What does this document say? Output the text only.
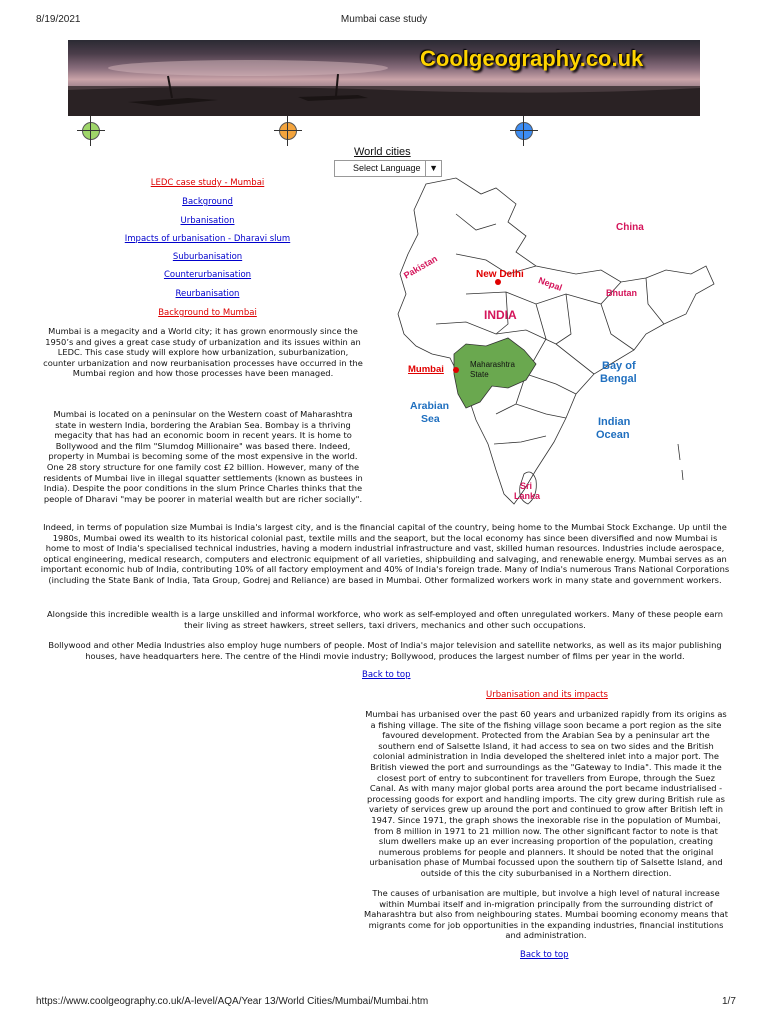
8/19/2021	Mumbai case study
Coolgeography.co.uk
World cities
Select Language ▼
LEDC case study - Mumbai
Background
Urbanisation
Impacts of urbanisation - Dharavi slum
Suburbanisation
Counterurbanisation
Reurbanisation
Background to Mumbai
Mumbai is a megacity and a World city; it has grown enormously since the 1950’s and gives a great case study of urbanization and its issues within an LEDC. This case study will explore how urbanization, suburbanization, counter urbanization and now reurbanisation processes have occurred in the Mumbai region and how those processes have been managed.
Mumbai is located on a peninsular on the Western coast of Maharashtra state in western India, bordering the Arabian Sea. Bombay is a thriving megacity that has had an economic boom in recent years. It is home to Bollywood and the film "Slumdog Millionaire" was based there. Indeed, property in Mumbai is becoming some of the most expensive in the world. One 28 story structure for one family cost £2 billion. However, many of the residents of Mumbai live in illegal squatter settlements (known as bustees in India). Despite the poor conditions in the slum Prince Charles thinks that the people of Dharavi "may be poorer in material wealth but are richer socially".
China
Pakistan	New Delhi
Nepal
Bhutan
INDIA
Mumbai	Maharashtra
State
Bay of
Bengal
Arabian
Sea	Indian
Ocean
Sri
Lanka
Indeed, in terms of population size Mumbai is India's largest city, and is the financial capital of the country, being home to the Mumbai Stock Exchange. Up until the 1980s, Mumbai owed its wealth to its historical colonial past, textile mills and the seaport, but the local economy has since been diversified and now Mumbai is home to most of India's specialised technical industries, having a modern industrial infrastructure and vast, skilled human resources. Industries include aerospace, optical engineering, medical research, computers and electronic equipment of all varieties, shipbuilding and salvaging, and renewable energy. Mumbai serves as an important economic hub of India, contributing 10% of all factory employment and 40% of India's foreign trade. Many of India's numerous Trans National Corporations (including the State Bank of India, Tata Group, Godrej and Reliance) are based in Mumbai. Other formalized workers work in many state and government workers.
Alongside this incredible wealth is a large unskilled and informal workforce, who work as self-employed and often unregulated workers. Many of these people earn their living as street hawkers, street sellers, taxi drivers, mechanics and other such occupations.
Bollywood and other Media Industries also employ huge numbers of people. Most of India's major television and satellite networks, as well as its major publishing houses, have headquarters here. The centre of the Hindi movie industry; Bollywood, produces the largest number of films per year in the world.
Back to top
Urbanisation and its impacts
Mumbai has urbanised over the past 60 years and urbanized rapidly from its origins as a fishing village. The site of the fishing village soon became a port region as the site favoured development. Protected from the Arabian Sea by a peninsular art the southern end of Salsette Island, it had access to sea on two sides and the British colonial administration in India developed the sheltered inlet into a major port. The British viewed the port and surroundings as the "Gateway to India". This made it the closest port of entry to subcontinent for travellers from Europe, through the Suez Canal. As with many major global ports area around the port became industrialised - processing goods for export and handling imports. The city grew during British rule as variety of services grew up around the port and continued to grow after British left in 1947. Since 1971, the graph shows the inexorable rise in the population of Mumbai, from 8 million in 1971 to 21 million now. The other significant factor to note is that slum dwellers make up an ever increasing proportion of the population, creating numerous problems for people and planners. It should be noted that the original urbanisation phase of Mumbai focussed upon the southern tip of Salsette Island, and outside of this the city suburbanised in a Northern direction.
The causes of urbanisation are multiple, but involve a high level of natural increase within Mumbai itself and in-migration principally from the surrounding district of Maharashtra but also from neighbouring states. Mumbai booming economy means that migrants come for job opportunities in the expanding industries, financial institutions and administration.
Back to top
https://www.coolgeography.co.uk/A-level/AQA/Year 13/World Cities/Mumbai/Mumbai.htm	1/7
